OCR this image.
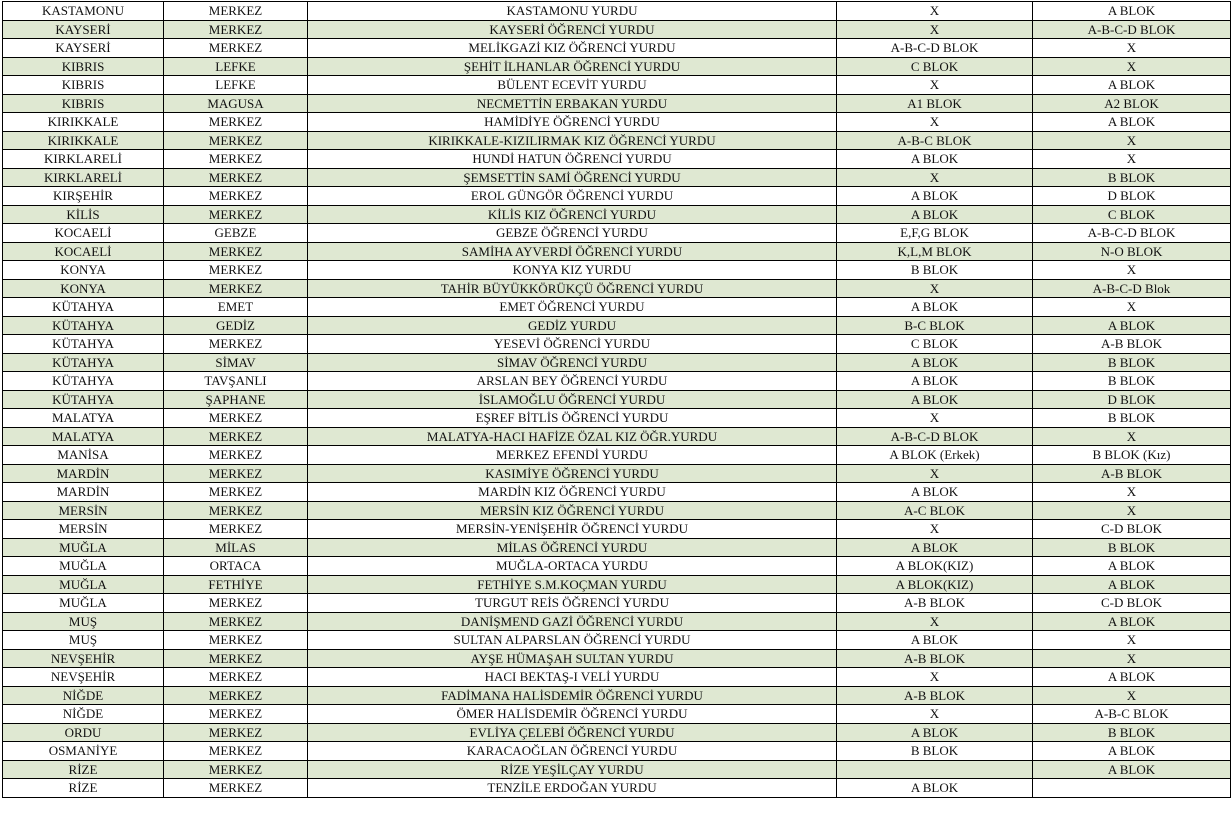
KASTAMONU	MERKEZ	KASTAMONU YURDU	X	A BLOK
KAYSERİ	MERKEZ	KAYSERİ ÖĞRENCİ YURDU	X	A-B-C-D BLOK
KAYSERİ	MERKEZ	MELİKGAZİ KIZ ÖĞRENCİ YURDU	A-B-C-D BLOK	X
KIBRIS	LEFKE	ŞEHİT İLHANLAR ÖĞRENCİ YURDU	C BLOK	X
KIBRIS	LEFKE	BÜLENT ECEVİT YURDU	X	A BLOK
KIBRIS	MAGUSA	NECMETTİN ERBAKAN YURDU	A1 BLOK	A2 BLOK
KIRIKKALE	MERKEZ	HAMİDİYE ÖĞRENCİ YURDU	X	A BLOK
KIRIKKALE	MERKEZ	KIRIKKALE-KIZILIRMAK KIZ ÖĞRENCİ YURDU	A-B-C BLOK	X
KIRKLARELİ	MERKEZ	HUNDİ HATUN ÖĞRENCİ YURDU	A BLOK	X
KIRKLARELİ	MERKEZ	ŞEMSETTİN SAMİ ÖĞRENCİ YURDU	X	B BLOK
KIRŞEHİR	MERKEZ	EROL GÜNGÖR ÖĞRENCİ YURDU	A BLOK	D BLOK
KİLİS	MERKEZ	KİLİS KIZ ÖĞRENCİ YURDU	A BLOK	C BLOK
KOCAELİ	GEBZE	GEBZE ÖĞRENCİ YURDU	E,F,G BLOK	A-B-C-D BLOK
KOCAELİ	MERKEZ	SAMİHA AYVERDİ ÖĞRENCİ YURDU	K,L,M BLOK	N-O BLOK
KONYA	MERKEZ	KONYA KIZ YURDU	B BLOK	X
KONYA	MERKEZ	TAHİR BÜYÜKKÖRÜKÇÜ ÖĞRENCİ YURDU	X	A-B-C-D Blok
KÜTAHYA	EMET	EMET ÖĞRENCİ YURDU	A BLOK	X
KÜTAHYA	GEDİZ	GEDİZ YURDU	B-C BLOK	A BLOK
KÜTAHYA	MERKEZ	YESEVİ ÖĞRENCİ YURDU	C BLOK	A-B BLOK
KÜTAHYA	SİMAV	SİMAV ÖĞRENCİ YURDU	A BLOK	B BLOK
KÜTAHYA	TAVŞANLI	ARSLAN BEY ÖĞRENCİ YURDU	A BLOK	B BLOK
KÜTAHYA	ŞAPHANE	İSLAMOĞLU ÖĞRENCİ YURDU	A BLOK	D BLOK
MALATYA	MERKEZ	EŞREF BİTLİS ÖĞRENCİ YURDU	X	B BLOK
MALATYA	MERKEZ	MALATYA-HACI HAFİZE ÖZAL KIZ ÖĞR.YURDU	A-B-C-D BLOK	X
MANİSA	MERKEZ	MERKEZ EFENDİ YURDU	A BLOK (Erkek)	B BLOK (Kız)
MARDİN	MERKEZ	KASIMİYE ÖĞRENCİ YURDU	X	A-B BLOK
MARDİN	MERKEZ	MARDİN KIZ ÖĞRENCİ YURDU	A BLOK	X
MERSİN	MERKEZ	MERSİN KIZ ÖĞRENCİ YURDU	A-C BLOK	X
MERSİN	MERKEZ	MERSİN-YENİŞEHİR ÖĞRENCİ YURDU	X	C-D BLOK
MUĞLA	MİLAS	MİLAS ÖĞRENCİ YURDU	A BLOK	B BLOK
MUĞLA	ORTACA	MUĞLA-ORTACA YURDU	A BLOK(KIZ)	A BLOK
MUĞLA	FETHİYE	FETHİYE S.M.KOÇMAN YURDU	A BLOK(KIZ)	A BLOK
MUĞLA	MERKEZ	TURGUT REİS ÖĞRENCİ YURDU	A-B BLOK	C-D BLOK
MUŞ	MERKEZ	DANİŞMEND GAZİ ÖĞRENCİ YURDU	X	A BLOK
MUŞ	MERKEZ	SULTAN ALPARSLAN ÖĞRENCİ YURDU	A BLOK	X
NEVŞEHİR	MERKEZ	AYŞE HÜMAŞAH SULTAN YURDU	A-B BLOK	X
NEVŞEHİR	MERKEZ	HACI BEKTAŞ-I VELİ YURDU	X	A BLOK
NİĞDE	MERKEZ	FADİMANA HALİSDEMİR ÖĞRENCİ YURDU	A-B BLOK	X
NİĞDE	MERKEZ	ÖMER HALİSDEMİR ÖĞRENCİ YURDU	X	A-B-C BLOK
ORDU	MERKEZ	EVLİYA ÇELEBİ ÖĞRENCİ YURDU	A BLOK	B BLOK
OSMANİYE	MERKEZ	KARACAOĞLAN ÖĞRENCİ YURDU	B BLOK	A BLOK
RİZE	MERKEZ	RİZE YEŞİLÇAY YURDU		A BLOK
RİZE	MERKEZ	TENZİLE ERDOĞAN YURDU	A BLOK	
